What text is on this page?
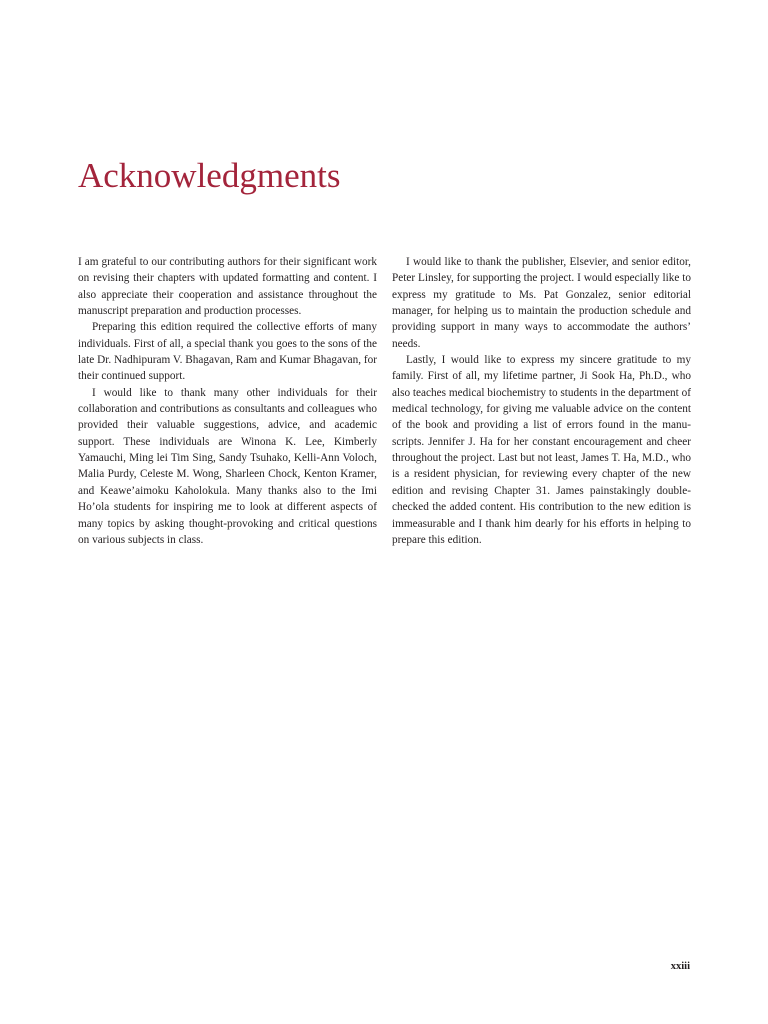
Acknowledgments

I am grateful to our contributing authors for their significant work on revising their chapters with updated formatting and content. I also appreciate their cooperation and assistance throughout the manuscript preparation and production processes.

Preparing this edition required the collective efforts of many individuals. First of all, a special thank you goes to the sons of the late Dr. Nadhipuram V. Bhagavan, Ram and Kumar Bhagavan, for their continued support.

I would like to thank many other individuals for their collaboration and contributions as consultants and colleagues who provided their valuable suggestions, advice, and academic support. These individuals are Winona K. Lee, Kimberly Yamauchi, Ming lei Tim Sing, Sandy Tsuhako, Kelli-Ann Voloch, Malia Purdy, Celeste M. Wong, Sharleen Chock, Kenton Kramer, and Keawe’aimoku Kaholokula. Many thanks also to the Imi Ho’ola students for inspiring me to look at different aspects of many topics by asking thought-provoking and critical questions on various subjects in class.

I would like to thank the publisher, Elsevier, and senior editor, Peter Linsley, for supporting the project. I would especially like to express my gratitude to Ms. Pat Gonzalez, senior editorial manager, for helping us to maintain the production schedule and providing support in many ways to accommodate the authors’ needs.

Lastly, I would like to express my sincere gratitude to my family. First of all, my lifetime partner, Ji Sook Ha, Ph.D., who also teaches medical biochemistry to students in the department of medical technology, for giving me valuable advice on the content of the book and providing a list of errors found in the manuscripts. Jennifer J. Ha for her constant encouragement and cheer throughout the project. Last but not least, James T. Ha, M.D., who is a resident physician, for reviewing every chapter of the new edition and revising Chapter 31. James painstakingly double-checked the added content. His contribution to the new edition is immeasurable and I thank him dearly for his efforts in helping to prepare this edition.

xxiii
